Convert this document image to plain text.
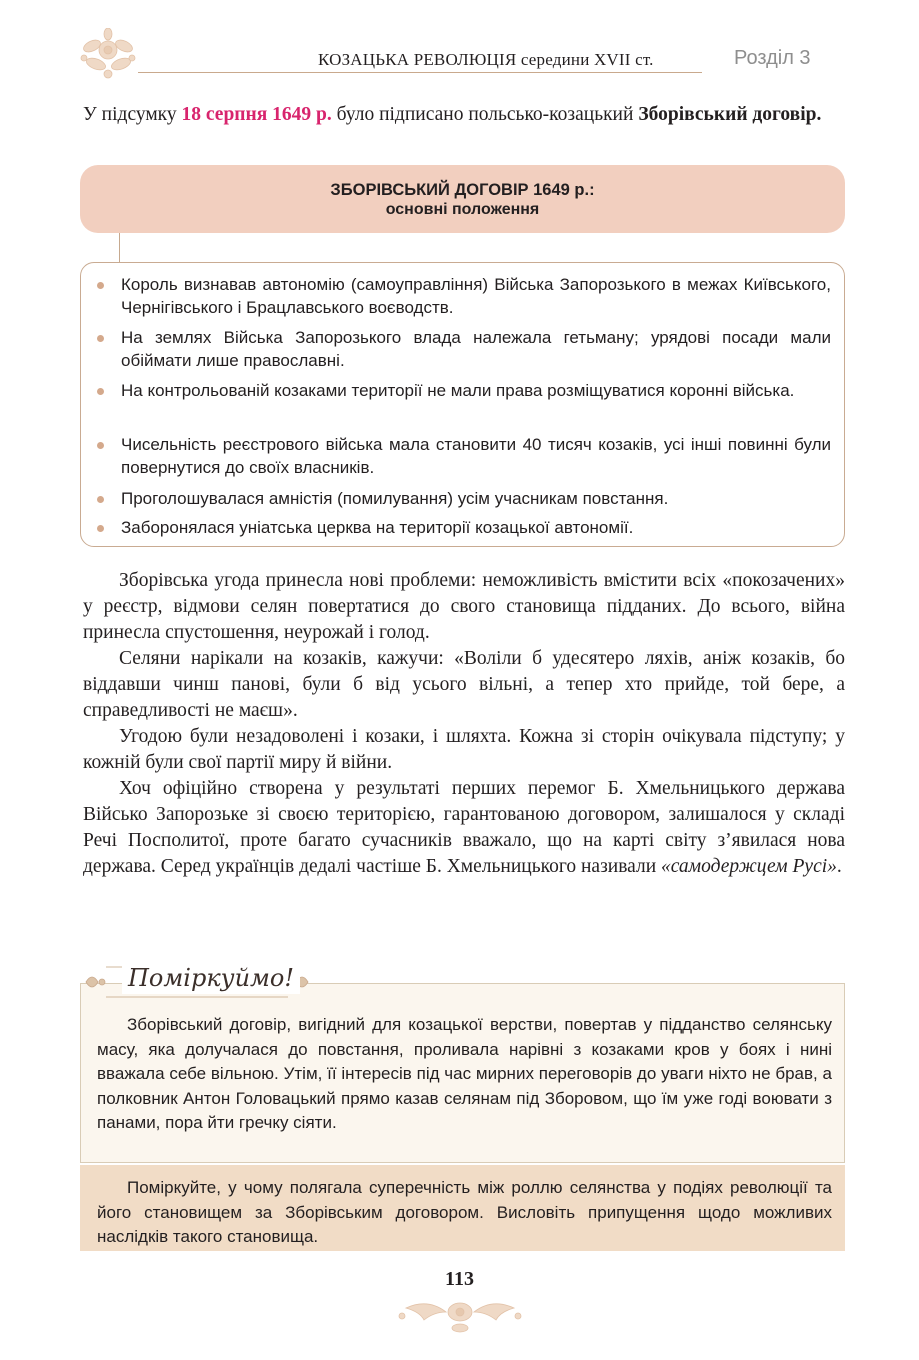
КОЗАЦЬКА РЕВОЛЮЦІЯ середини XVII ст.	Розділ 3
У підсумку 18 серпня 1649 р. було підписано польсько-козацький Зборівський договір.
ЗБОРІВСЬКИЙ ДОГОВІР 1649 р.:
основні положення
Король визнавав автономію (самоуправління) Війська Запорозького в межах Київського, Чернігівського і Брацлавського воєводств.
На землях Війська Запорозького влада належала гетьману; урядові посади мали обіймати лише православні.
На контрольованій козаками території не мали права розміщуватися коронні війська.
Чисельність реєстрового війська мала становити 40 тисяч козаків, усі інші повинні були повернутися до своїх власників.
Проголошувалася амністія (помилування) усім учасникам повстання.
Заборонялася уніатська церква на території козацької автономії.

Зборівська угода принесла нові проблеми: неможливість вмістити всіх «покозачених» у реєстр, відмови селян повертатися до свого становища підданих. До всього, війна принесла спустошення, неурожай і голод.

Селяни нарікали на козаків, кажучи: «Воліли б удесятеро ляхів, аніж козаків, бо віддавши чинш панові, були б від усього вільні, а тепер хто прийде, той бере, а справедливості не маєш».

Угодою були незадоволені і козаки, і шляхта. Кожна зі сторін очікувала підступу; у кожній були свої партії миру й війни.

Хоч офіційно створена у результаті перших перемог Б. Хмельницького держава Військо Запорозьке зі своєю територією, гарантованою договором, залишалося у складі Речі Посполитої, проте багато сучасників вважало, що на карті світу з’явилася нова держава. Серед українців дедалі частіше Б. Хмельницького називали «самодержцем Русі».

Поміркуймо!
Зборівський договір, вигідний для козацької верстви, повертав у підданство селянську масу, яка долучалася до повстання, проливала нарівні з козаками кров у боях і нині вважала себе вільною. Утім, її інтересів під час мирних переговорів до уваги ніхто не брав, а полковник Антон Головацький прямо казав селянам під Зборовом, що їм уже годі воювати з панами, пора йти гречку сіяти.
Поміркуйте, у чому полягала суперечність між роллю селянства у подіях революції та його становищем за Зборівським договором. Висловіть припущення щодо можливих наслідків такого становища.
113
